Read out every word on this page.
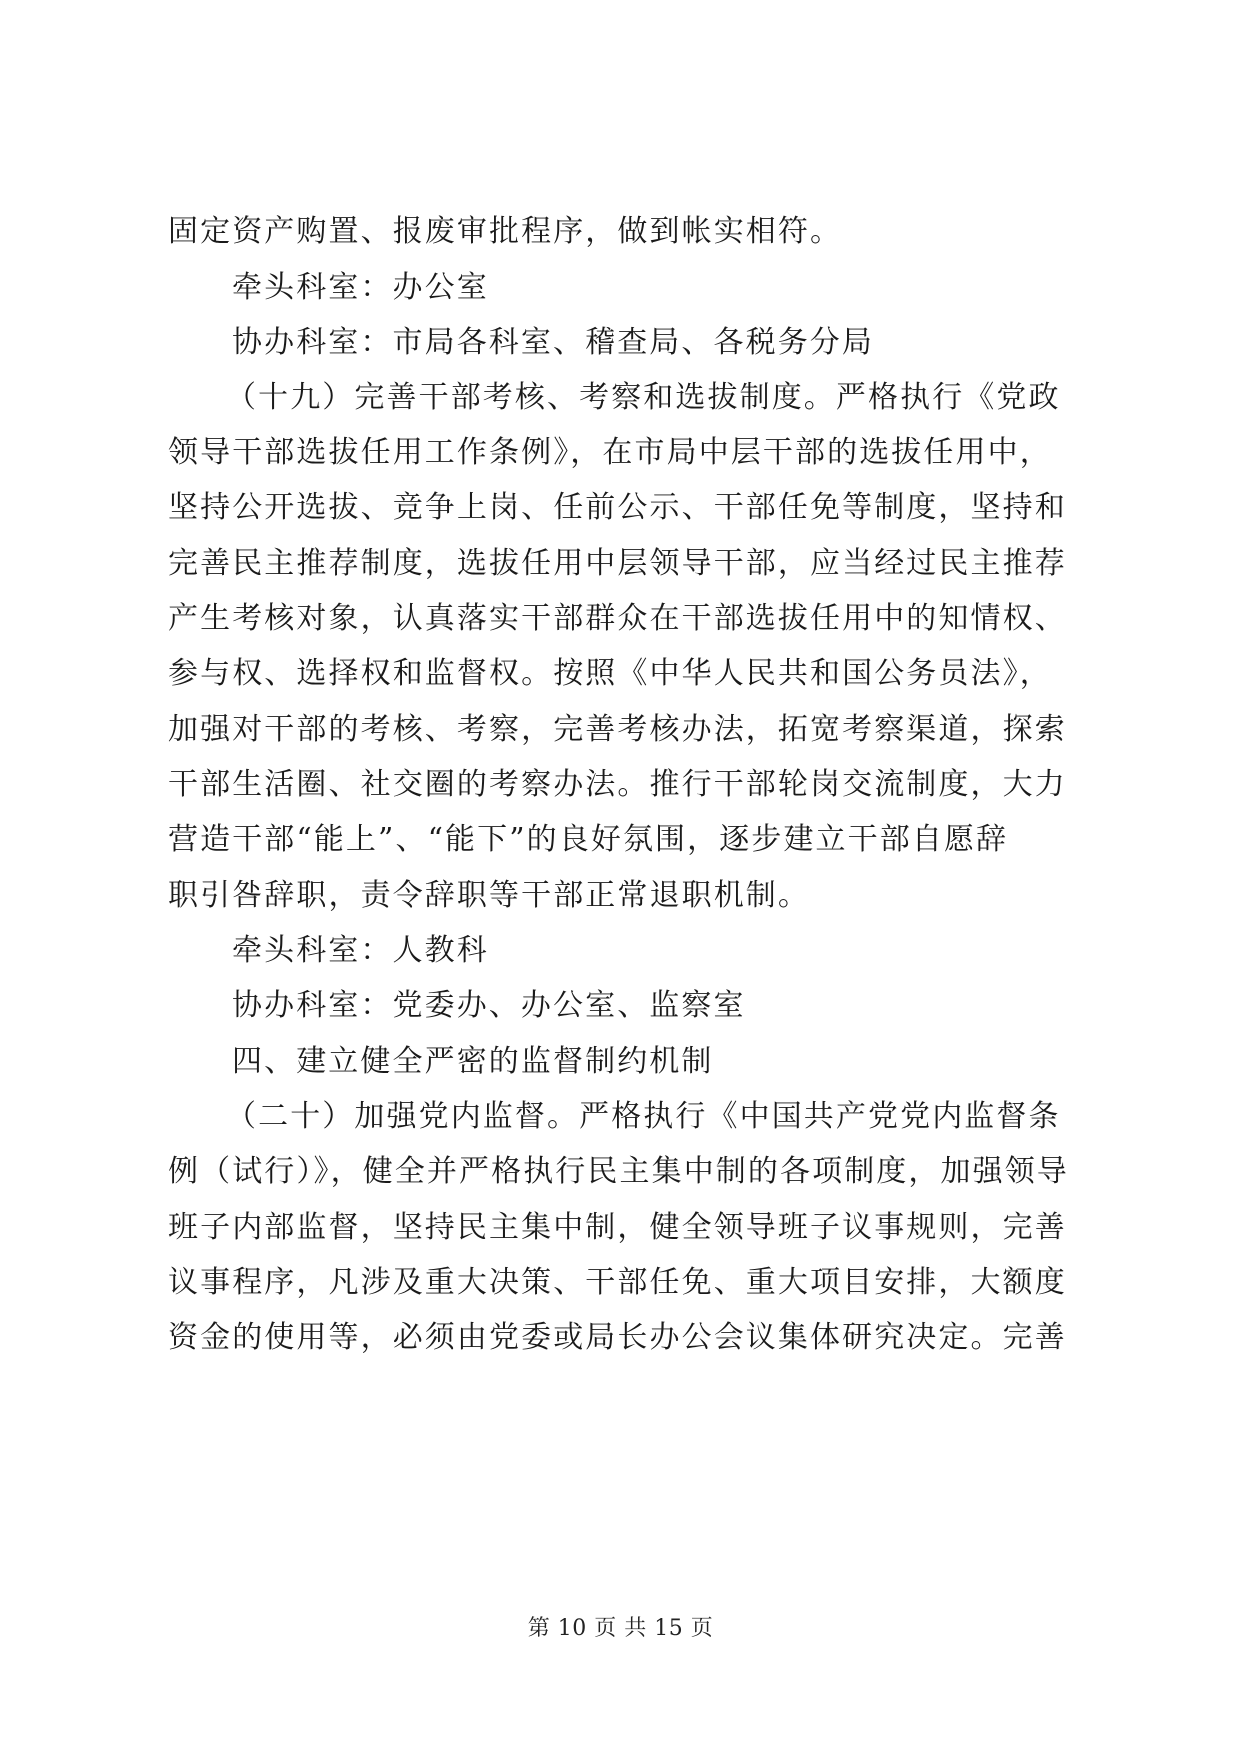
固定资产购置、报废审批程序，做到帐实相符。
牵头科室：办公室
协办科室：市局各科室、稽查局、各税务分局
（十九）完善干部考核、考察和选拔制度。严格执行《党政
领导干部选拔任用工作条例》，在市局中层干部的选拔任用中，
坚持公开选拔、竞争上岗、任前公示、干部任免等制度，坚持和
完善民主推荐制度，选拔任用中层领导干部，应当经过民主推荐
产生考核对象，认真落实干部群众在干部选拔任用中的知情权、
参与权、选择权和监督权。按照《中华人民共和国公务员法》，
加强对干部的考核、考察，完善考核办法，拓宽考察渠道，探索
干部生活圈、社交圈的考察办法。推行干部轮岗交流制度，大力
营造干部“能上”、“能下”的良好氛围，逐步建立干部自愿辞
职引咎辞职，责令辞职等干部正常退职机制。
牵头科室：人教科
协办科室：党委办、办公室、监察室
四、建立健全严密的监督制约机制
（二十）加强党内监督。严格执行《中国共产党党内监督条
例（试行）》，健全并严格执行民主集中制的各项制度，加强领导
班子内部监督，坚持民主集中制，健全领导班子议事规则，完善
议事程序，凡涉及重大决策、干部任免、重大项目安排，大额度
资金的使用等，必须由党委或局长办公会议集体研究决定。完善
第 10 页 共 15 页
